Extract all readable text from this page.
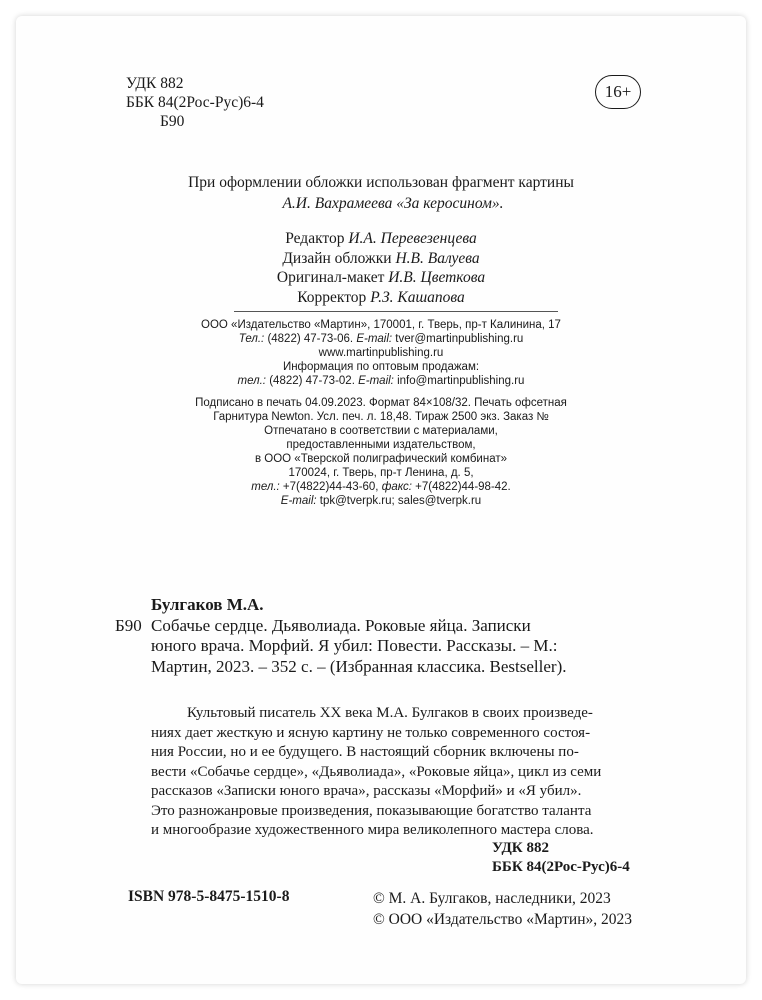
УДК 882
ББК 84(2Рос-Рус)6-4
Б90
16+
При оформлении обложки использован фрагмент картины
А.И. Вахрамеева «За керосином».
Редактор И.А. Перевезенцева
Дизайн обложки Н.В. Валуева
Оригинал-макет И.В. Цветкова
Корректор Р.З. Кашапова
ООО «Издательство «Мартин», 170001, г. Тверь, пр-т Калинина, 17
Тел.: (4822) 47-73-06. E-mail: tver@martinpublishing.ru
www.martinpublishing.ru
Информация по оптовым продажам:
тел.: (4822) 47-73-02. E-mail: info@martinpublishing.ru
Подписано в печать 04.09.2023. Формат 84×108/32. Печать офсетная
Гарнитура Newton. Усл. печ. л. 18,48. Тираж 2500 экз. Заказ №
Отпечатано в соответствии с материалами,
предоставленными издательством,
в ООО «Тверской полиграфический комбинат»
170024, г. Тверь, пр-т Ленина, д. 5,
тел.: +7(4822)44-43-60, факс: +7(4822)44-98-42.
E-mail: tpk@tverpk.ru; sales@tverpk.ru
Булгаков М.А.
Б90 Собачье сердце. Дьяволиада. Роковые яйца. Записки
юного врача. Морфий. Я убил: Повести. Рассказы. – М.:
Мартин, 2023. – 352 с. – (Избранная классика. Bestseller).
Культовый писатель XX века М.А. Булгаков в своих произведе-
ниях дает жесткую и ясную картину не только современного состоя-
ния России, но и ее будущего. В настоящий сборник включены по-
вести «Собачье сердце», «Дьяволиада», «Роковые яйца», цикл из семи
рассказов «Записки юного врача», рассказы «Морфий» и «Я убил».
Это разножанровые произведения, показывающие богатство таланта
и многообразие художественного мира великолепного мастера слова.
УДК 882
ББК 84(2Рос-Рус)6-4
ISBN 978-5-8475-1510-8	© М. А. Булгаков, наследники, 2023
© ООО «Издательство «Мартин», 2023
